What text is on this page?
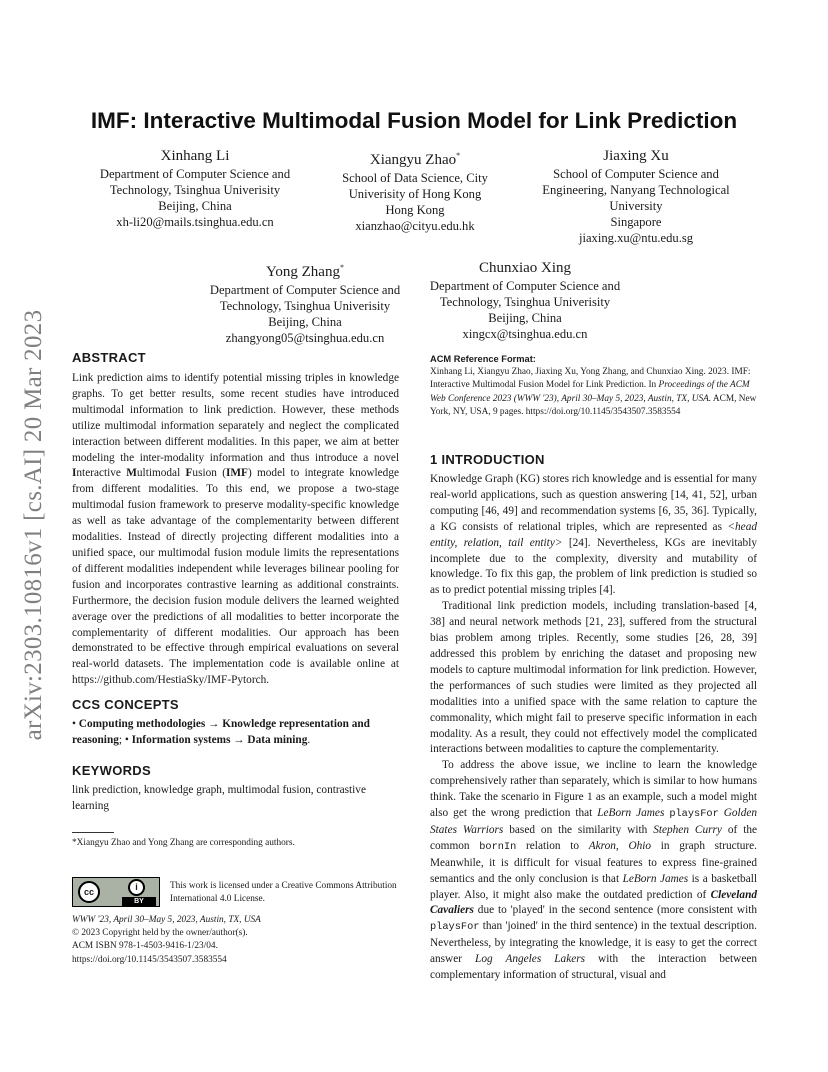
arXiv:2303.10816v1 [cs.AI] 20 Mar 2023
IMF: Interactive Multimodal Fusion Model for Link Prediction
Xinhang Li
Department of Computer Science and
Technology, Tsinghua Univerisity
Beijing, China
xh-li20@mails.tsinghua.edu.cn
Xiangyu Zhao*
School of Data Science, City
Univerisity of Hong Kong
Hong Kong
xianzhao@cityu.edu.hk
Jiaxing Xu
School of Computer Science and
Engineering, Nanyang Technological
University
Singapore
jiaxing.xu@ntu.edu.sg
Yong Zhang*
Department of Computer Science and
Technology, Tsinghua Univerisity
Beijing, China
zhangyong05@tsinghua.edu.cn
Chunxiao Xing
Department of Computer Science and
Technology, Tsinghua Univerisity
Beijing, China
xingcx@tsinghua.edu.cn
ABSTRACT

Link prediction aims to identify potential missing triples in knowledge graphs. To get better results, some recent studies have introduced multimodal information to link prediction. However, these methods utilize multimodal information separately and neglect the complicated interaction between different modalities. In this paper, we aim at better modeling the inter-modality information and thus introduce a novel Interactive Multimodal Fusion (IMF) model to integrate knowledge from different modalities. To this end, we propose a two-stage multimodal fusion framework to preserve modality-specific knowledge as well as take advantage of the complementarity between different modalities. Instead of directly projecting different modalities into a unified space, our multimodal fusion module limits the representations of different modalities independent while leverages bilinear pooling for fusion and incorporates contrastive learning as additional constraints. Furthermore, the decision fusion module delivers the learned weighted average over the predictions of all modalities to better incorporate the complementarity of different modalities. Our approach has been demonstrated to be effective through empirical evaluations on several real-world datasets. The implementation code is available online at https://github.com/HestiaSky/IMF-Pytorch.

CCS CONCEPTS

• Computing methodologies → Knowledge representation and reasoning; • Information systems → Data mining.

KEYWORDS

link prediction, knowledge graph, multimodal fusion, contrastive learning

*Xiangyu Zhao and Yong Zhang are corresponding authors.
cc	i
BY
This work is licensed under a Creative Commons Attribution International 4.0 License.
WWW '23, April 30–May 5, 2023, Austin, TX, USA
© 2023 Copyright held by the owner/author(s).
ACM ISBN 978-1-4503-9416-1/23/04.
https://doi.org/10.1145/3543507.3583554
ACM Reference Format:
Xinhang Li, Xiangyu Zhao, Jiaxing Xu, Yong Zhang, and Chunxiao Xing. 2023. IMF: Interactive Multimodal Fusion Model for Link Prediction. In Proceedings of the ACM Web Conference 2023 (WWW '23), April 30–May 5, 2023, Austin, TX, USA. ACM, New York, NY, USA, 9 pages. https://doi.org/10.1145/3543507.3583554
1 INTRODUCTION

Knowledge Graph (KG) stores rich knowledge and is essential for many real-world applications, such as question answering [14, 41, 52], urban computing [46, 49] and recommendation systems [6, 35, 36]. Typically, a KG consists of relational triples, which are represented as <head entity, relation, tail entity> [24]. Nevertheless, KGs are inevitably incomplete due to the complexity, diversity and mutability of knowledge. To fix this gap, the problem of link prediction is studied so as to predict potential missing triples [4].

Traditional link prediction models, including translation-based [4, 38] and neural network methods [21, 23], suffered from the structural bias problem among triples. Recently, some studies [26, 28, 39] addressed this problem by enriching the dataset and proposing new models to capture multimodal information for link prediction. However, the performances of such studies were limited as they projected all modalities into a unified space with the same relation to capture the commonality, which might fail to preserve specific information in each modality. As a result, they could not effectively model the complicated interactions between modalities to capture the complementarity.

To address the above issue, we incline to learn the knowledge comprehensively rather than separately, which is similar to how humans think. Take the scenario in Figure 1 as an example, such a model might also get the wrong prediction that LeBorn James playsFor Golden States Warriors based on the similarity with Stephen Curry of the common bornIn relation to Akron, Ohio in graph structure. Meanwhile, it is difficult for visual features to express fine-grained semantics and the only conclusion is that LeBorn James is a basketball player. Also, it might also make the outdated prediction of Cleveland Cavaliers due to 'played' in the second sentence (more consistent with playsFor than 'joined' in the third sentence) in the textual description. Nevertheless, by integrating the knowledge, it is easy to get the correct answer Log Angeles Lakers with the interaction between complementary information of structural, visual and
